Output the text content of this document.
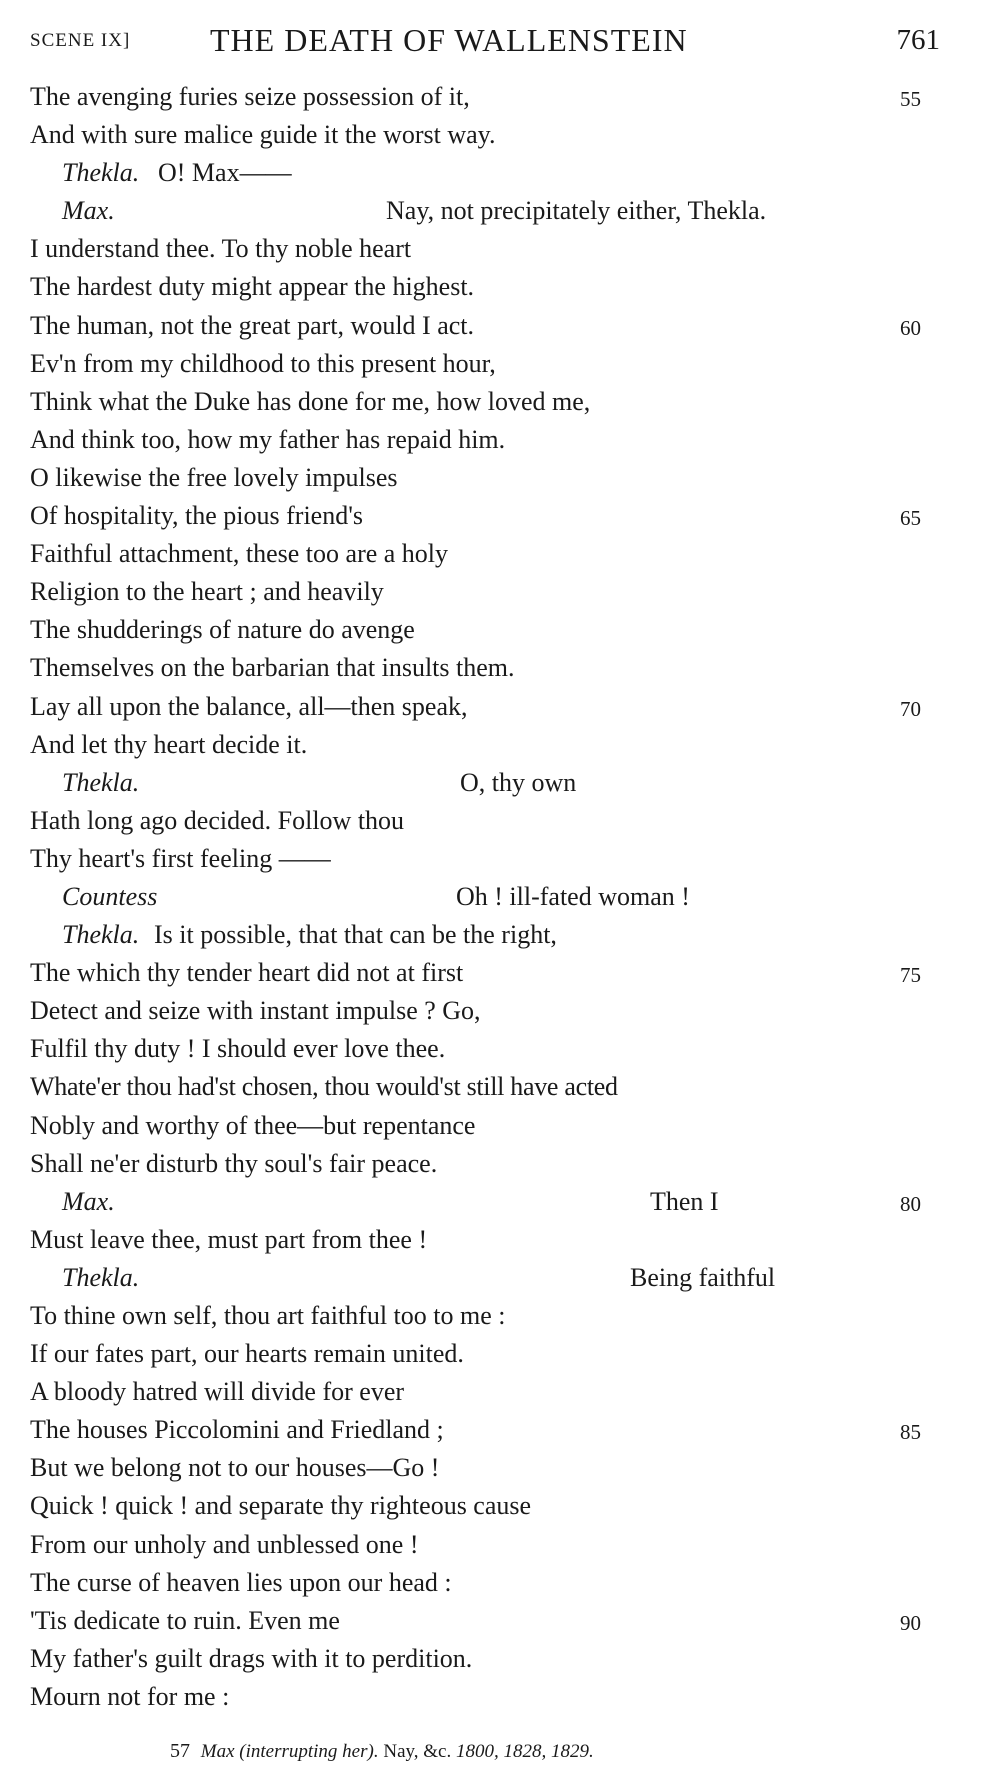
SCENE IX] THE DEATH OF WALLENSTEIN	761
The avenging furies seize possession of it,	55
And with sure malice guide it the worst way.
Thekla. O! Max——
Max.	Nay, not precipitately either, Thekla.
I understand thee. To thy noble heart
The hardest duty might appear the highest.
The human, not the great part, would I act.	60
Ev'n from my childhood to this present hour,
Think what the Duke has done for me, how loved me,
And think too, how my father has repaid him.
O likewise the free lovely impulses
Of hospitality, the pious friend's	65
Faithful attachment, these too are a holy
Religion to the heart ; and heavily
The shudderings of nature do avenge
Themselves on the barbarian that insults them.
Lay all upon the balance, all—then speak,	70
And let thy heart decide it.
Thekla.	O, thy own
Hath long ago decided. Follow thou
Thy heart's first feeling ——
Countess	Oh ! ill-fated woman !
Thekla. Is it possible, that that can be the right,
The which thy tender heart did not at first	75
Detect and seize with instant impulse ? Go,
Fulfil thy duty ! I should ever love thee.
Whate'er thou had'st chosen, thou would'st still have acted
Nobly and worthy of thee—but repentance
Shall ne'er disturb thy soul's fair peace.
Max.	Then I	80
Must leave thee, must part from thee !
Thekla.	Being faithful
To thine own self, thou art faithful too to me :
If our fates part, our hearts remain united.
A bloody hatred will divide for ever
The houses Piccolomini and Friedland ;	85
But we belong not to our houses—Go !
Quick ! quick ! and separate thy righteous cause
From our unholy and unblessed one !
The curse of heaven lies upon our head :
'Tis dedicate to ruin. Even me	90
My father's guilt drags with it to perdition.
Mourn not for me :
57 Max (interrupting her). Nay, &c. 1800, 1828, 1829.
